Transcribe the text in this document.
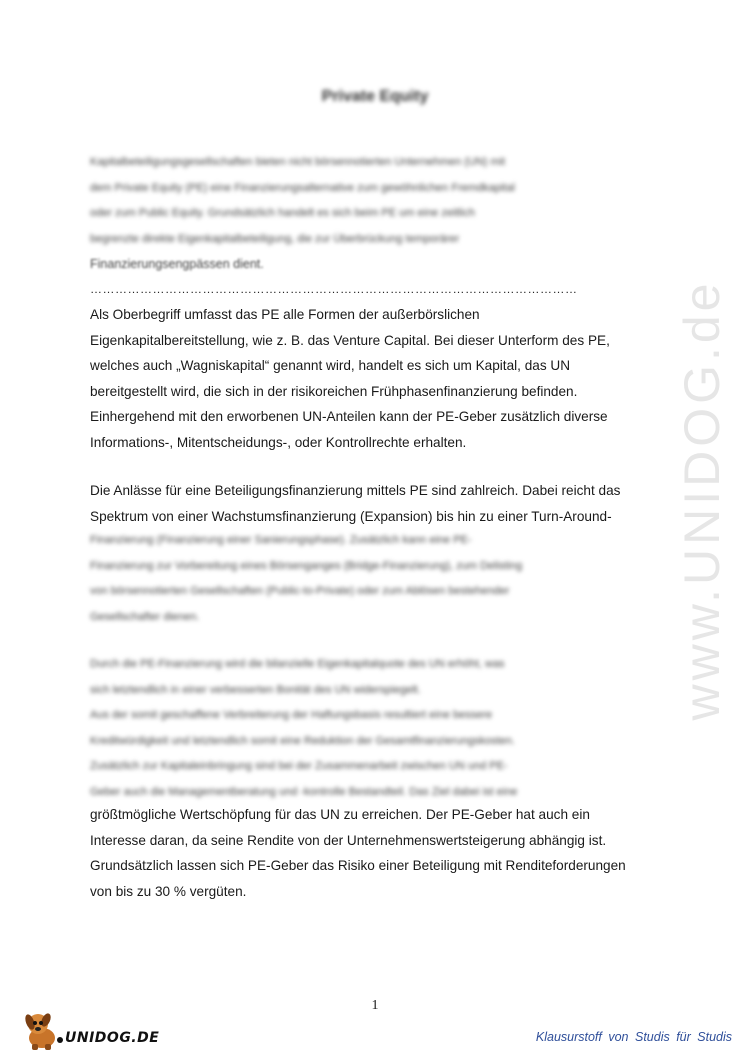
Private Equity
Kapitalbeteiligungsgesellschaften bieten nicht börsennotierten Unternehmen (UN) mit
dem Private Equity (PE) eine Finanzierungsalternative zum gewöhnlichen Fremdkapital
oder zum Public Equity. Grundsätzlich handelt es sich beim PE um eine zeitlich
begrenzte direkte Eigenkapitalbeteiligung, die zur Überbrückung temporärer
Finanzierungsengpässen dient.
………………………………………………………………………………………………………
Als Oberbegriff umfasst das PE alle Formen der außerbörslichen
Eigenkapitalbereitstellung, wie z. B. das Venture Capital. Bei dieser Unterform des PE,
welches auch „Wagniskapital“ genannt wird, handelt es sich um Kapital, das UN
bereitgestellt wird, die sich in der risikoreichen Frühphasenfinanzierung befinden.
Einhergehend mit den erworbenen UN-Anteilen kann der PE-Geber zusätzlich diverse
Informations-, Mitentscheidungs-, oder Kontrollrechte erhalten.
Die Anlässe für eine Beteiligungsfinanzierung mittels PE sind zahlreich. Dabei reicht das
Spektrum von einer Wachstumsfinanzierung (Expansion) bis hin zu einer Turn-Around-
Finanzierung (Finanzierung einer Sanierungsphase). Zusätzlich kann eine PE-
Finanzierung zur Vorbereitung eines Börsenganges (Bridge-Finanzierung), zum Delisting
von börsennotierten Gesellschaften (Public-to-Private) oder zum Ablösen bestehender
Gesellschafter dienen.
Durch die PE-Finanzierung wird die bilanzielle Eigenkapitalquote des UN erhöht, was
sich letztendlich in einer verbesserten Bonität des UN widerspiegelt.
Aus der somit geschaffene Verbreiterung der Haftungsbasis resultiert eine bessere
Kreditwürdigkeit und letztendlich somit eine Reduktion der Gesamtfinanzierungskosten.
Zusätzlich zur Kapitaleinbringung sind bei der Zusammenarbeit zwischen UN und PE-
Geber auch die Managementberatung und -kontrolle Bestandteil. Das Ziel dabei ist eine
größtmögliche Wertschöpfung für das UN zu erreichen. Der PE-Geber hat auch ein
Interesse daran, da seine Rendite von der Unternehmenswertsteigerung abhängig ist.
Grundsätzlich lassen sich PE-Geber das Risiko einer Beteiligung mit Renditeforderungen
von bis zu 30 % vergüten.
www.UNIDOG.de
1
UNIDOG.DE	Klausurstoff von Studis für Studis
